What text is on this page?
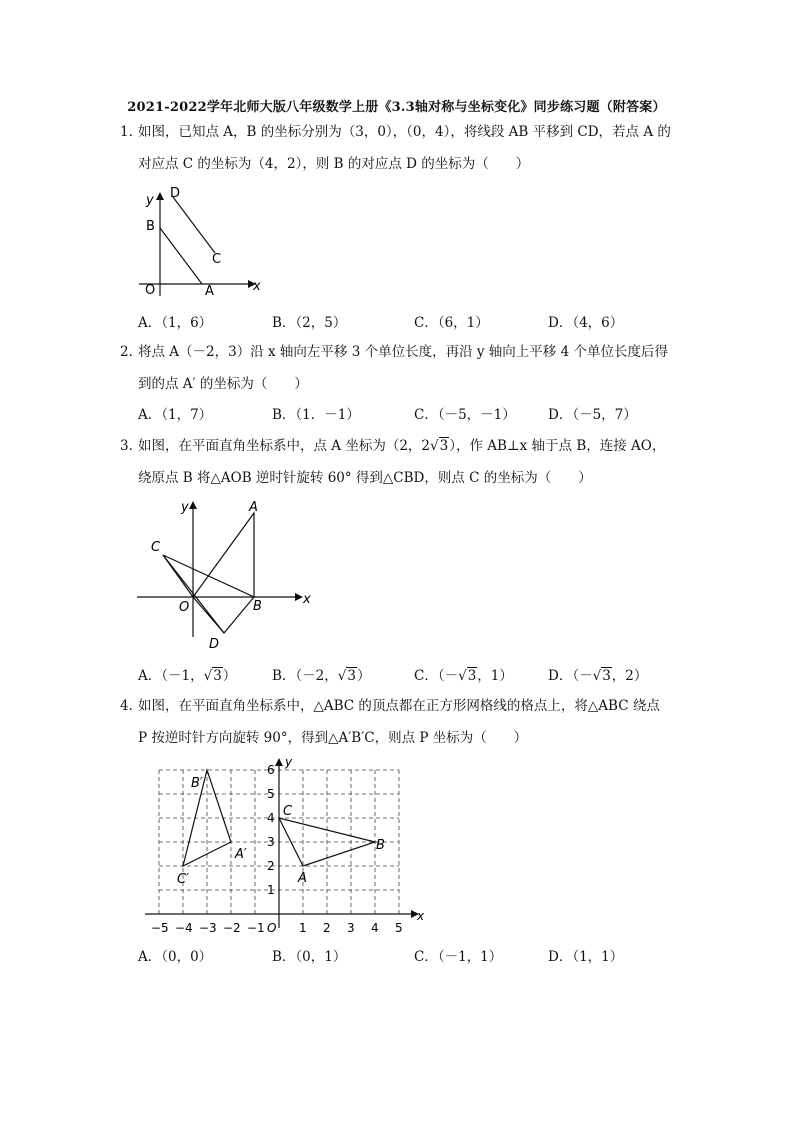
2021-2022学年北师大版八年级数学上册《3.3轴对称与坐标变化》同步练习题（附答案）
1．如图，已知点 A，B 的坐标分别为（3，0），（0，4），将线段 AB 平移到 CD，若点 A 的
对应点 C 的坐标为（4，2），则 B 的对应点 D 的坐标为（　　）
y
x
D
B
C
O	A
A．（1，6）	B．（2，5）	C．（6，1）	D．（4，6）
2．将点 A（－2，3）沿 x 轴向左平移 3 个单位长度，再沿 y 轴向上平移 4 个单位长度后得
到的点 A′ 的坐标为（　　）
A．（1，7）	B．（1．－1）	C．（－5，－1） D．（－5，7）
3．如图，在平面直角坐标系中，点 A 坐标为（2，2√3），作 AB⊥x 轴于点 B，连接 AO，
绕原点 B 将△AOB 逆时针旋转 60° 得到△CBD，则点 C 的坐标为（　　）
y
x
A
C
O	B
D
A．（－1，√3）	B．（－2，√3）	C．（－√3，1）	D．（－√3，2）
4．如图，在平面直角坐标系中，△ABC 的顶点都在正方形网格线的格点上，将△ABC 绕点
P 按逆时针方向旋转 90°，得到△A′B′C，则点 P 坐标为（　　）
y
x
O
−5 −4 −3 −2 −1	1 2 3 4 5
1
2
3
4
5
6
B′
A′
C′
C
B
A
A．（0，0）	B．（0，1）	C．（－1，1）	D．（1，1）
